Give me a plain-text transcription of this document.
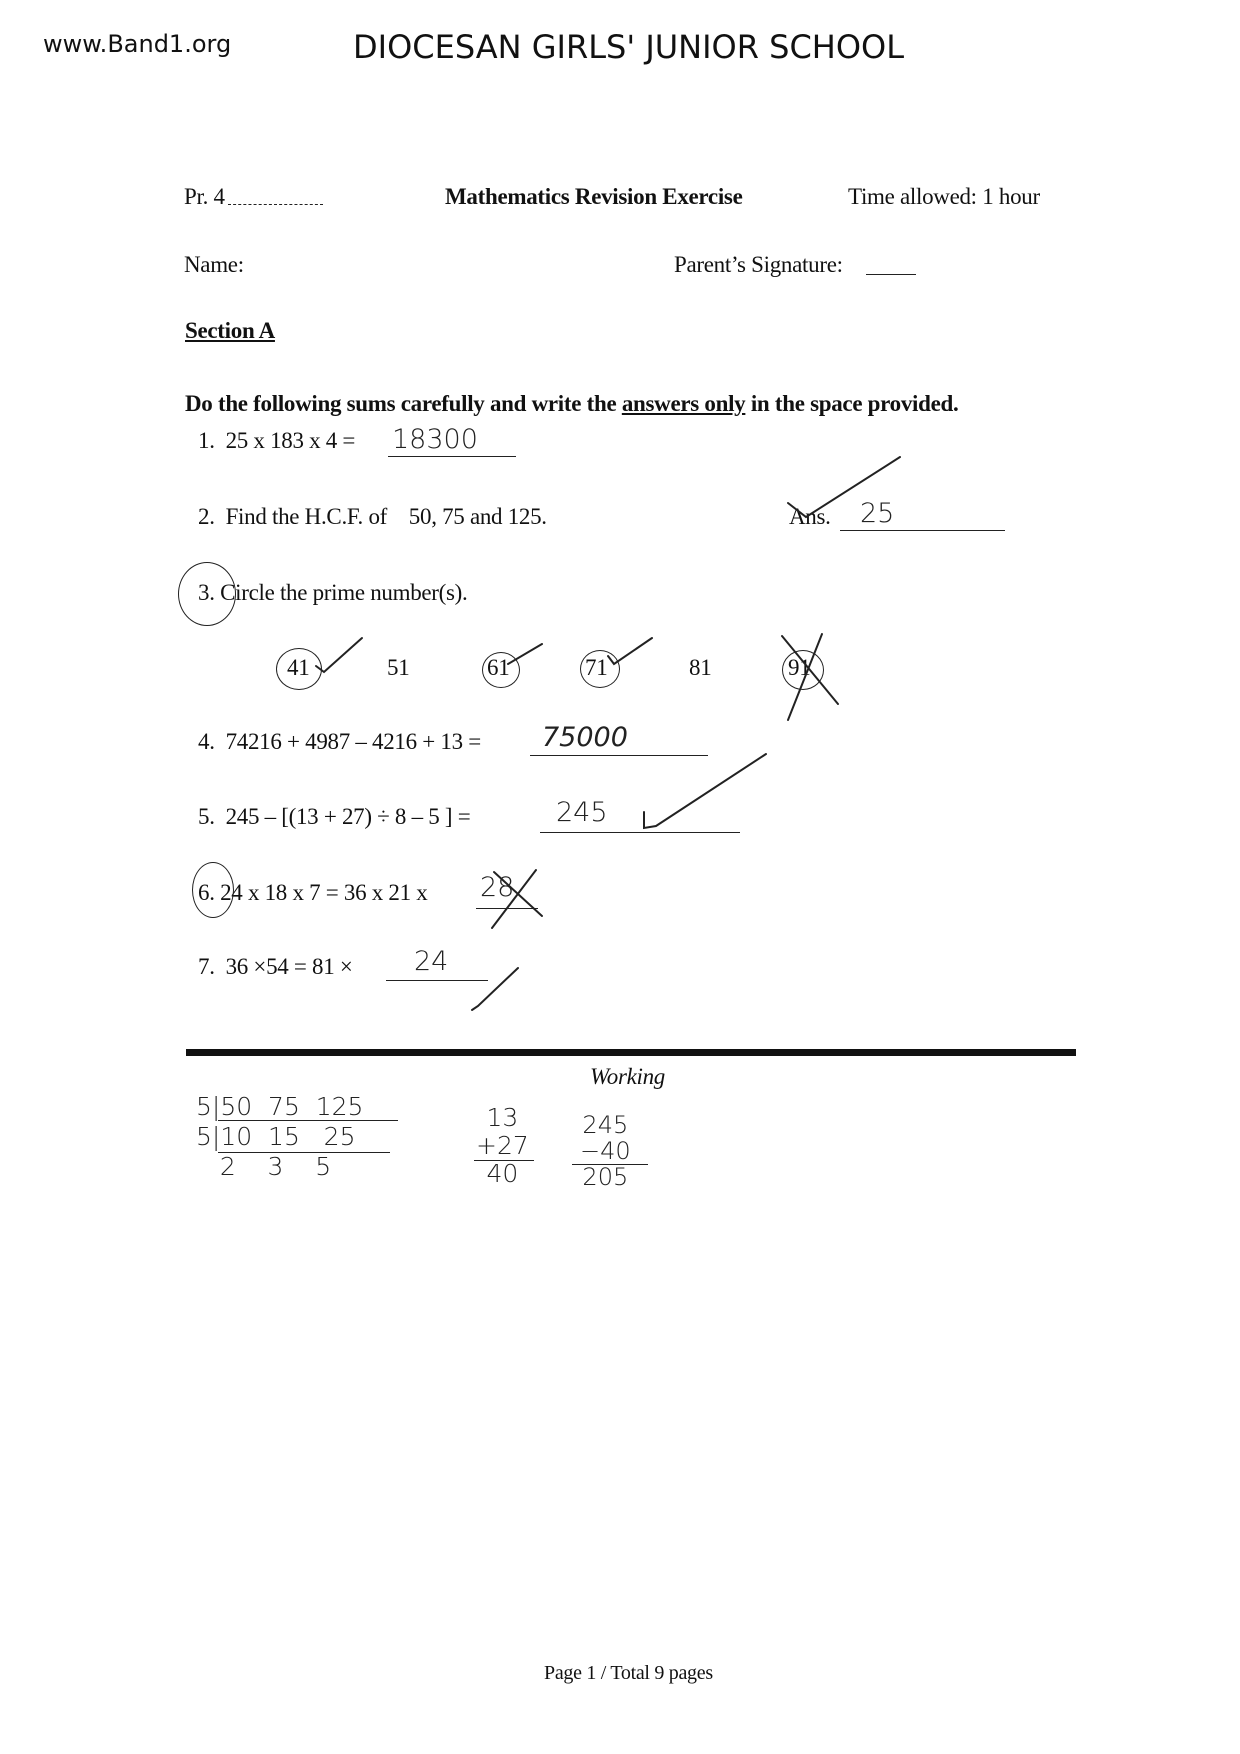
www.Band1.org	DIOCESAN GIRLS' JUNIOR SCHOOL
Pr. 4	Mathematics Revision Exercise	Time allowed: 1 hour
Name:	Parent’s Signature:
Section A
Do the following sums carefully and write the answers only in the space provided.
1. 25 x 183 x 4 = 18300
2. Find the H.C.F. of    50, 75 and 125.	Ans. 25
3. Circle the prime number(s).
41	51	61	71	81	91
4. 74216 + 4987 – 4216 + 13 = 75000
5. 245 – [(13 + 27) ÷ 8 – 5 ] =	245
6. 24 x 18 x 7 = 36 x 21 x 28
7. 36 ×54 = 81 × 24
Working
5|50  75  125
5|10  15   25
2    3    5
13
+27
40
245
−40
205
Page 1 / Total 9 pages
